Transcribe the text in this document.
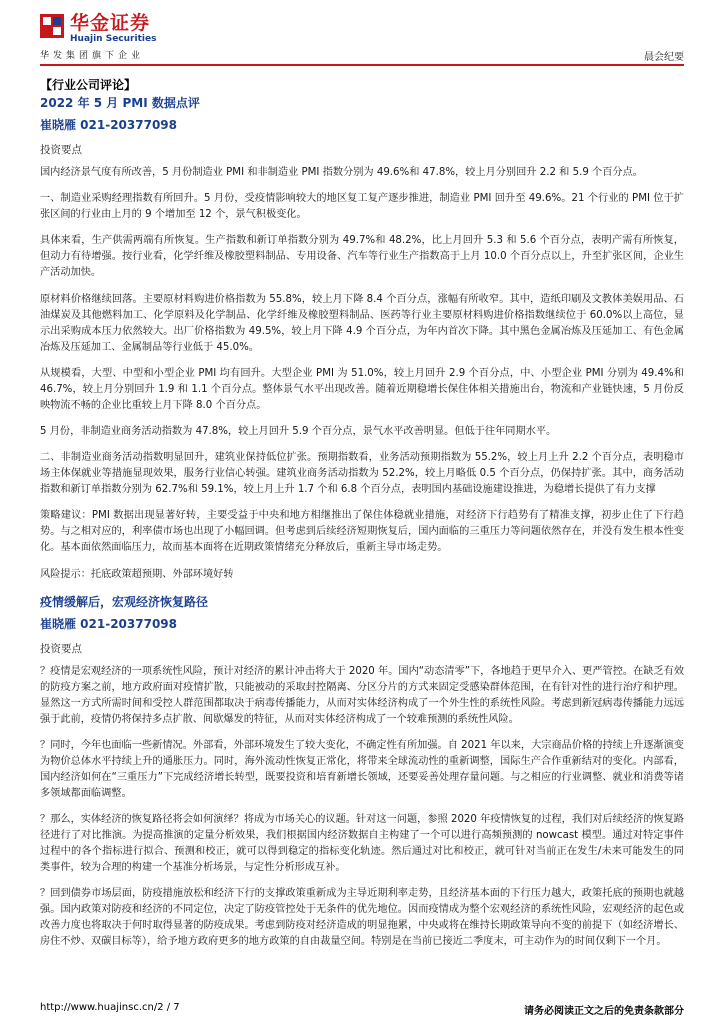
华金证券
Huajin Securities
华发集团旗下企业	晨会纪要
【行业公司评论】
2022 年 5 月 PMI 数据点评
崔晓雁 021-20377098
投资要点

国内经济景气度有所改善，5 月份制造业 PMI 和非制造业 PMI 指数分别为 49.6%和 47.8%，较上月分别回升 2.2 和 5.9 个百分点。

一、制造业采购经理指数有所回升。5 月份，受疫情影响较大的地区复工复产逐步推进，制造业 PMI 回升至 49.6%。21 个行业的 PMI 位于扩张区间的行业由上月的 9 个增加至 12 个，景气积极变化。

具体来看，生产供需两端有所恢复。生产指数和新订单指数分别为 49.7%和 48.2%，比上月回升 5.3 和 5.6 个百分点，表明产需有所恢复，但动力有待增强。按行业看，化学纤维及橡胶塑料制品、专用设备、汽车等行业生产指数高于上月 10.0 个百分点以上，升至扩张区间，企业生产活动加快。

原材料价格继续回落。主要原材料购进价格指数为 55.8%，较上月下降 8.4 个百分点，涨幅有所收窄。其中，造纸印刷及文教体美娱用品、石油煤炭及其他燃料加工、化学原料及化学制品、化学纤维及橡胶塑料制品、医药等行业主要原材料购进价格指数继续位于 60.0%以上高位，显示出采购成本压力依然较大。出厂价格指数为 49.5%，较上月下降 4.9 个百分点，为年内首次下降。其中黑色金属冶炼及压延加工、有色金属冶炼及压延加工、金属制品等行业低于 45.0%。

从规模看，大型、中型和小型企业 PMI 均有回升。大型企业 PMI 为 51.0%，较上月回升 2.9 个百分点，中、小型企业 PMI 分别为 49.4%和 46.7%，较上月分别回升 1.9 和 1.1 个百分点。整体景气水平出现改善。随着近期稳增长保住体相关措施出台，物流和产业链快速，5 月份反映物流不畅的企业比重较上月下降 8.0 个百分点。

5 月份，非制造业商务活动指数为 47.8%，较上月回升 5.9 个百分点，景气水平改善明显。但低于往年同期水平。

二、非制造业商务活动指数明显回升，建筑业保持低位扩张。预期指数看，业务活动预期指数为 55.2%，较上月上升 2.2 个百分点，表明稳市场主体保就业等措施显现效果，服务行业信心转强。建筑业商务活动指数为 52.2%，较上月略低 0.5 个百分点，仍保持扩张。其中，商务活动指数和新订单指数分别为 62.7%和 59.1%，较上月上升 1.7 个和 6.8 个百分点，表明国内基础设施建设推进，为稳增长提供了有力支撑

策略建议：PMI 数据出现显著好转，主要受益于中央和地方相继推出了保住体稳就业措施，对经济下行趋势有了精准支撑，初步止住了下行趋势。与之相对应的，利率债市场也出现了小幅回调。但考虑到后续经济短期恢复后，国内面临的三重压力等问题依然存在，并没有发生根本性变化。基本面依然面临压力，故而基本面将在近期政策情绪充分释放后，重新主导市场走势。

风险提示：托底政策超预期、外部环境好转

疫情缓解后，宏观经济恢复路径
崔晓雁 021-20377098
投资要点

？疫情是宏观经济的一项系统性风险，预计对经济的累计冲击将大于 2020 年。国内“动态清零”下，各地趋于更早介入、更严管控。在缺乏有效的防疫方案之前，地方政府面对疫情扩散，只能被动的采取封控隔离、分区分片的方式来固定受感染群体范围，在有针对性的进行治疗和护理。显然这一方式所需时间和受控人群范围都取决于病毒传播能力，从而对实体经济构成了一个外生性的系统性风险。考虑到新冠病毒传播能力远远强于此前，疫情仍将保持多点扩散、间歇爆发的特征，从而对实体经济构成了一个较难预测的系统性风险。

？同时，今年也面临一些新情况。外部看，外部环境发生了较大变化，不确定性有所加强。自 2021 年以来，大宗商品价格的持续上升逐渐演变为物价总体水平持续上升的通胀压力。同时，海外流动性恢复正常化，将带来全球流动性的重新调整，国际生产合作重新结对的变化。内部看，国内经济如何在“三重压力”下完成经济增长转型，既要投资和培育新增长领域，还要妥善处理存量问题。与之相应的行业调整、就业和消费等诸多领域都面临调整。

？那么，实体经济的恢复路径将会如何演绎？将成为市场关心的议题。针对这一问题，参照 2020 年疫情恢复的过程，我们对后续经济的恢复路径进行了对比推演。为提高推演的定量分析效果，我们根据国内经济数据自主构建了一个可以进行高频预测的 nowcast 模型。通过对特定事件过程中的各个指标进行拟合、预测和校正，就可以得到稳定的指标变化轨迹。然后通过对比和校正，就可针对当前正在发生/未来可能发生的同类事件，较为合理的构建一个基准分析场景，与定性分析形成互补。

？回到债券市场层面，防疫措施放松和经济下行的支撑政策重新成为主导近期利率走势，且经济基本面的下行压力越大，政策托底的预期也就越强。国内政策对防疫和经济的不同定位，决定了防疫管控处于无条件的优先地位。因而疫情成为整个宏观经济的系统性风险，宏观经济的起色或改善力度也将取决于何时取得显著的防疫成果。考虑到防疫对经济造成的明显拖累，中央或将在维持长期政策导向不变的前提下（如经济增长、房住不炒、双碳目标等），给予地方政府更多的地方政策的自由裁量空间。特别是在当前已接近二季度末，可主动作为的时间仅剩下一个月。

http://www.huajinsc.cn/2 / 7	请务必阅读正文之后的免责条款部分
